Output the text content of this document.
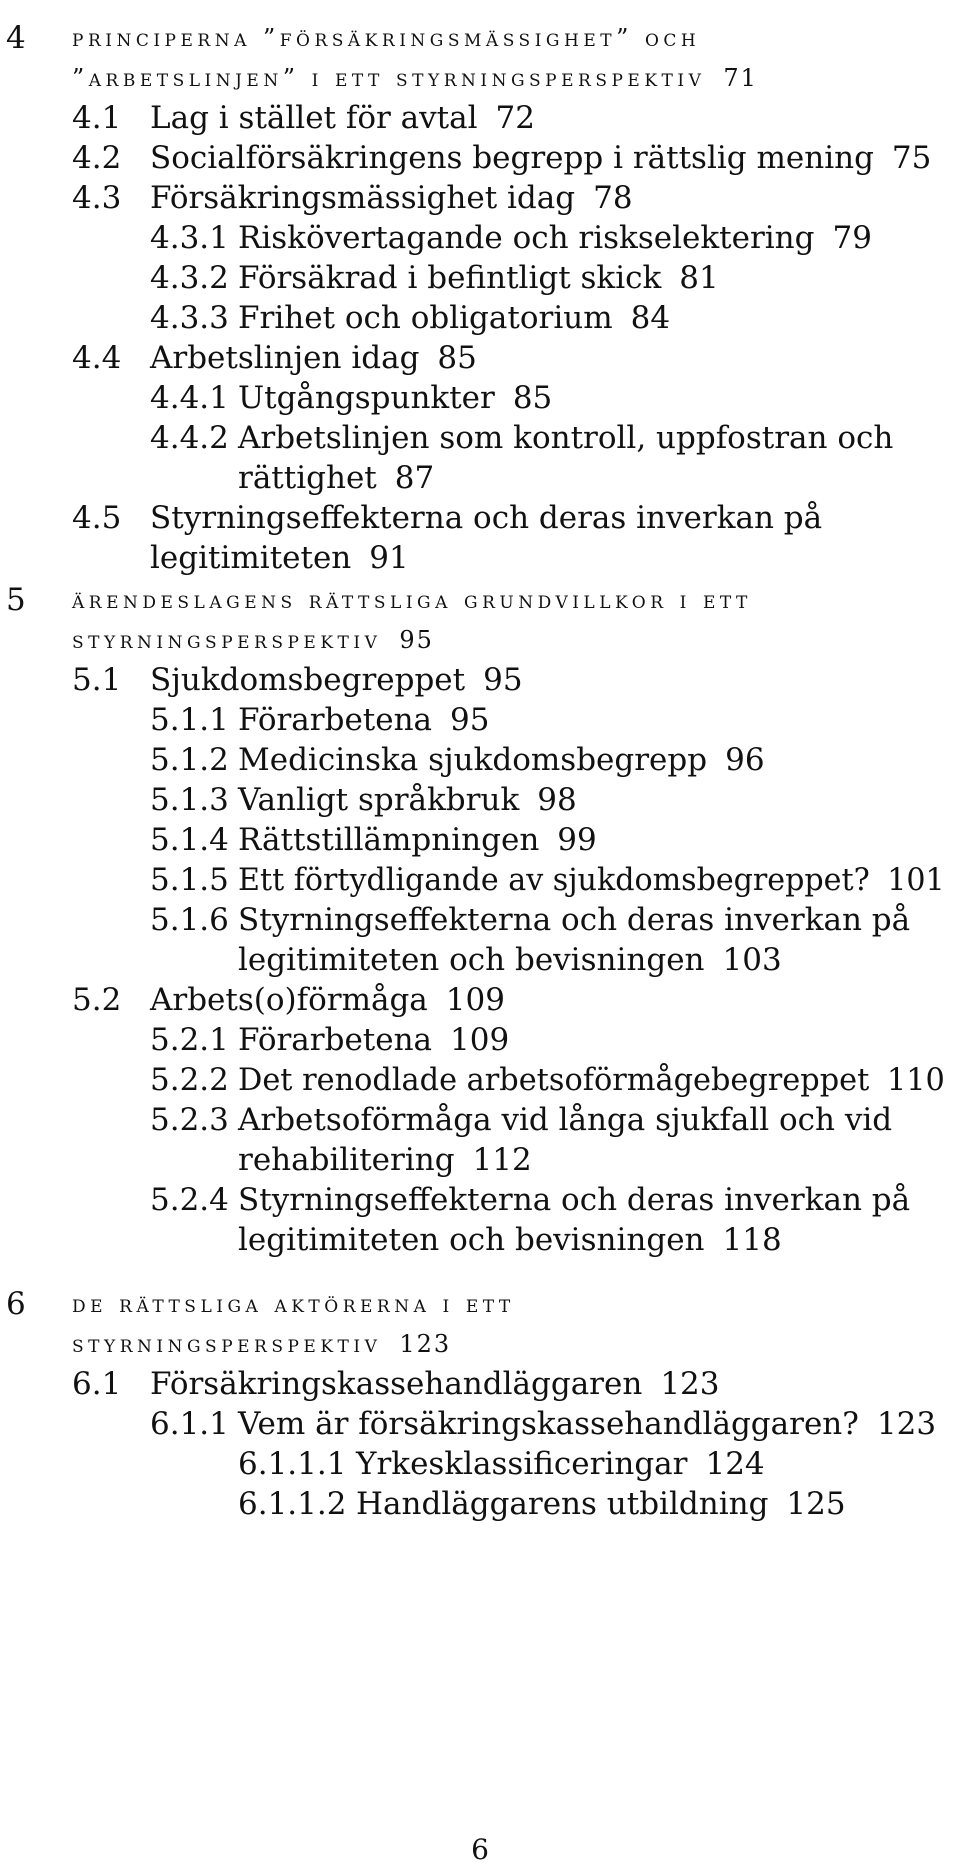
4 principerna ”försäkringsmässighet” och
”arbetslinjen” i ett styrningsperspektiv 71
4.1 Lag i stället för avtal 72
4.2 Socialförsäkringens begrepp i rättslig mening 75
4.3 Försäkringsmässighet idag 78
4.3.1 Riskövertagande och riskselektering 79
4.3.2 Försäkrad i befintligt skick 81
4.3.3 Frihet och obligatorium 84
4.4 Arbetslinjen idag 85
4.4.1 Utgångspunkter 85
4.4.2 Arbetslinjen som kontroll, uppfostran och
rättighet 87
4.5 Styrningseffekterna och deras inverkan på
legitimiteten 91
5 ärendeslagens rättsliga grundvillkor i ett
styrningsperspektiv 95
5.1 Sjukdomsbegreppet 95
5.1.1 Förarbetena 95
5.1.2 Medicinska sjukdomsbegrepp 96
5.1.3 Vanligt språkbruk 98
5.1.4 Rättstillämpningen 99
5.1.5 Ett förtydligande av sjukdomsbegreppet? 101
5.1.6 Styrningseffekterna och deras inverkan på
legitimiteten och bevisningen 103
5.2 Arbets(o)förmåga 109
5.2.1 Förarbetena 109
5.2.2 Det renodlade arbetsoförmågebegreppet 110
5.2.3 Arbetsoförmåga vid långa sjukfall och vid
rehabilitering 112
5.2.4 Styrningseffekterna och deras inverkan på
legitimiteten och bevisningen 118
6 de rättsliga aktörerna i ett
styrningsperspektiv 123
6.1 Försäkringskassehandläggaren 123
6.1.1 Vem är försäkringskassehandläggaren? 123
6.1.1.1 Yrkesklassificeringar 124
6.1.1.2 Handläggarens utbildning 125
6
